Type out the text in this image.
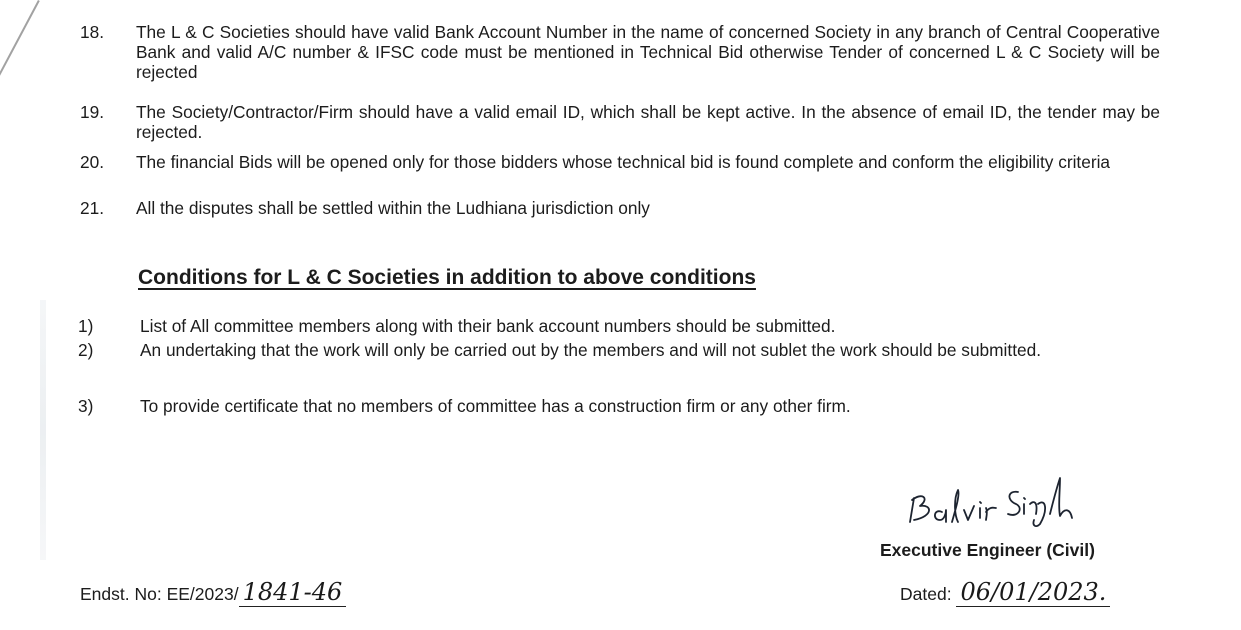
18.	The L & C Societies should have valid Bank Account Number in the name of concerned Society in any branch of Central Cooperative Bank and valid A/C number & IFSC code must be mentioned in Technical Bid otherwise Tender of concerned L & C Society will be rejected
19.	The Society/Contractor/Firm should have a valid email ID, which shall be kept active. In the absence of email ID, the tender may be rejected.
20.	The financial Bids will be opened only for those bidders whose technical bid is found complete and conform the eligibility criteria
21.	All the disputes shall be settled within the Ludhiana jurisdiction only
Conditions for L & C Societies in addition to above conditions
1)	List of All committee members along with their bank account numbers should be submitted.
2)	An undertaking that the work will only be carried out by the members and will not sublet the work should be submitted.
3)	To provide certificate that no members of committee has a construction firm or any other firm.
Executive Engineer (Civil)
Endst. No: EE/2023/ 1841-46	Dated: 06/01/2023.
